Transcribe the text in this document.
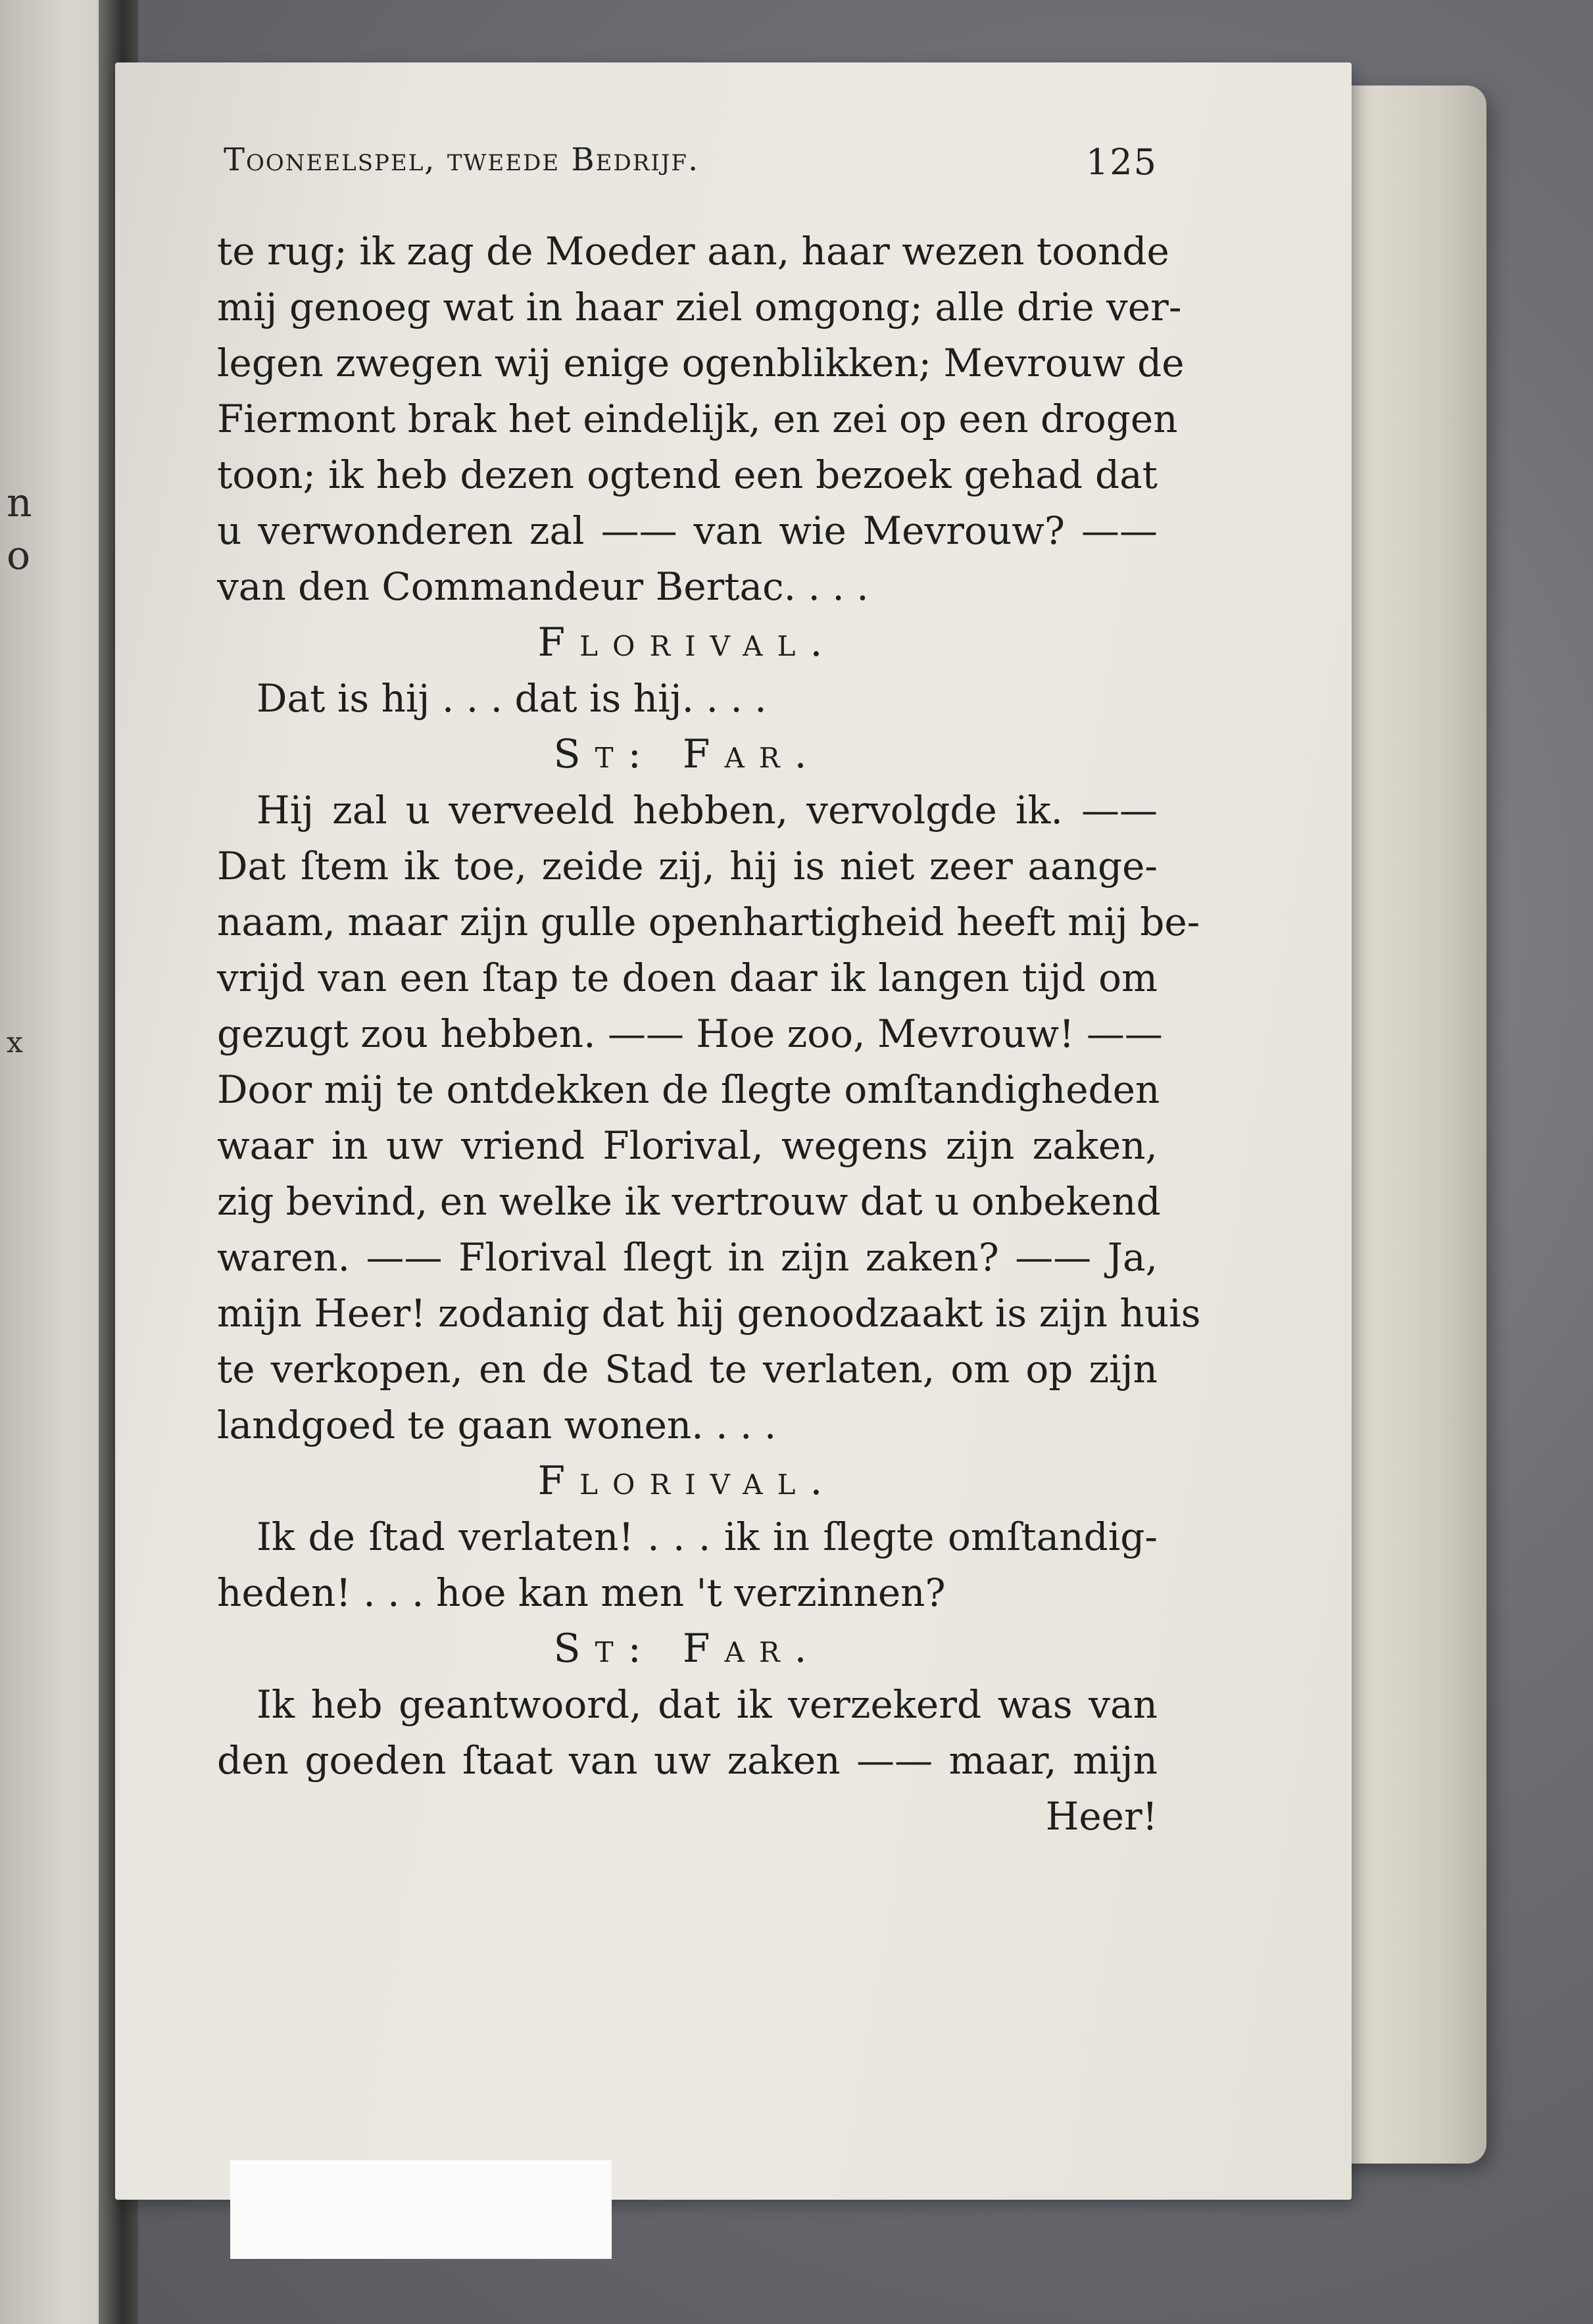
n
o
x
Tooneelspel, tweede Bedrijf.	125
te rug; ik zag de Moeder aan, haar wezen toonde
mij genoeg wat in haar ziel omgong; alle drie ver-
legen zwegen wij enige ogenblikken; Mevrouw de
Fiermont brak het eindelijk, en zei op een drogen
toon; ik heb dezen ogtend een bezoek gehad dat
u verwonderen zal —— van wie Mevrouw? ——
van den Commandeur Bertac. . . .
Florival.
Dat is hij . . . dat is hij. . . .
St: Far.
Hij zal u verveeld hebben, vervolgde ik. ——
Dat ſtem ik toe, zeide zij, hij is niet zeer aange-
naam, maar zijn gulle openhartigheid heeft mij be-
vrijd van een ſtap te doen daar ik langen tijd om
gezugt zou hebben. —— Hoe zoo, Mevrouw! ——
Door mij te ontdekken de ſlegte omſtandigheden
waar in uw vriend Florival, wegens zijn zaken,
zig bevind, en welke ik vertrouw dat u onbekend
waren. —— Florival ſlegt in zijn zaken? —— Ja,
mijn Heer! zodanig dat hij genoodzaakt is zijn huis
te verkopen, en de Stad te verlaten, om op zijn
landgoed te gaan wonen. . . .
Florival.
Ik de ſtad verlaten! . . . ik in ſlegte omſtandig-
heden! . . . hoe kan men 't verzinnen?
St: Far.
Ik heb geantwoord, dat ik verzekerd was van
den goeden ſtaat van uw zaken —— maar, mijn
Heer!
